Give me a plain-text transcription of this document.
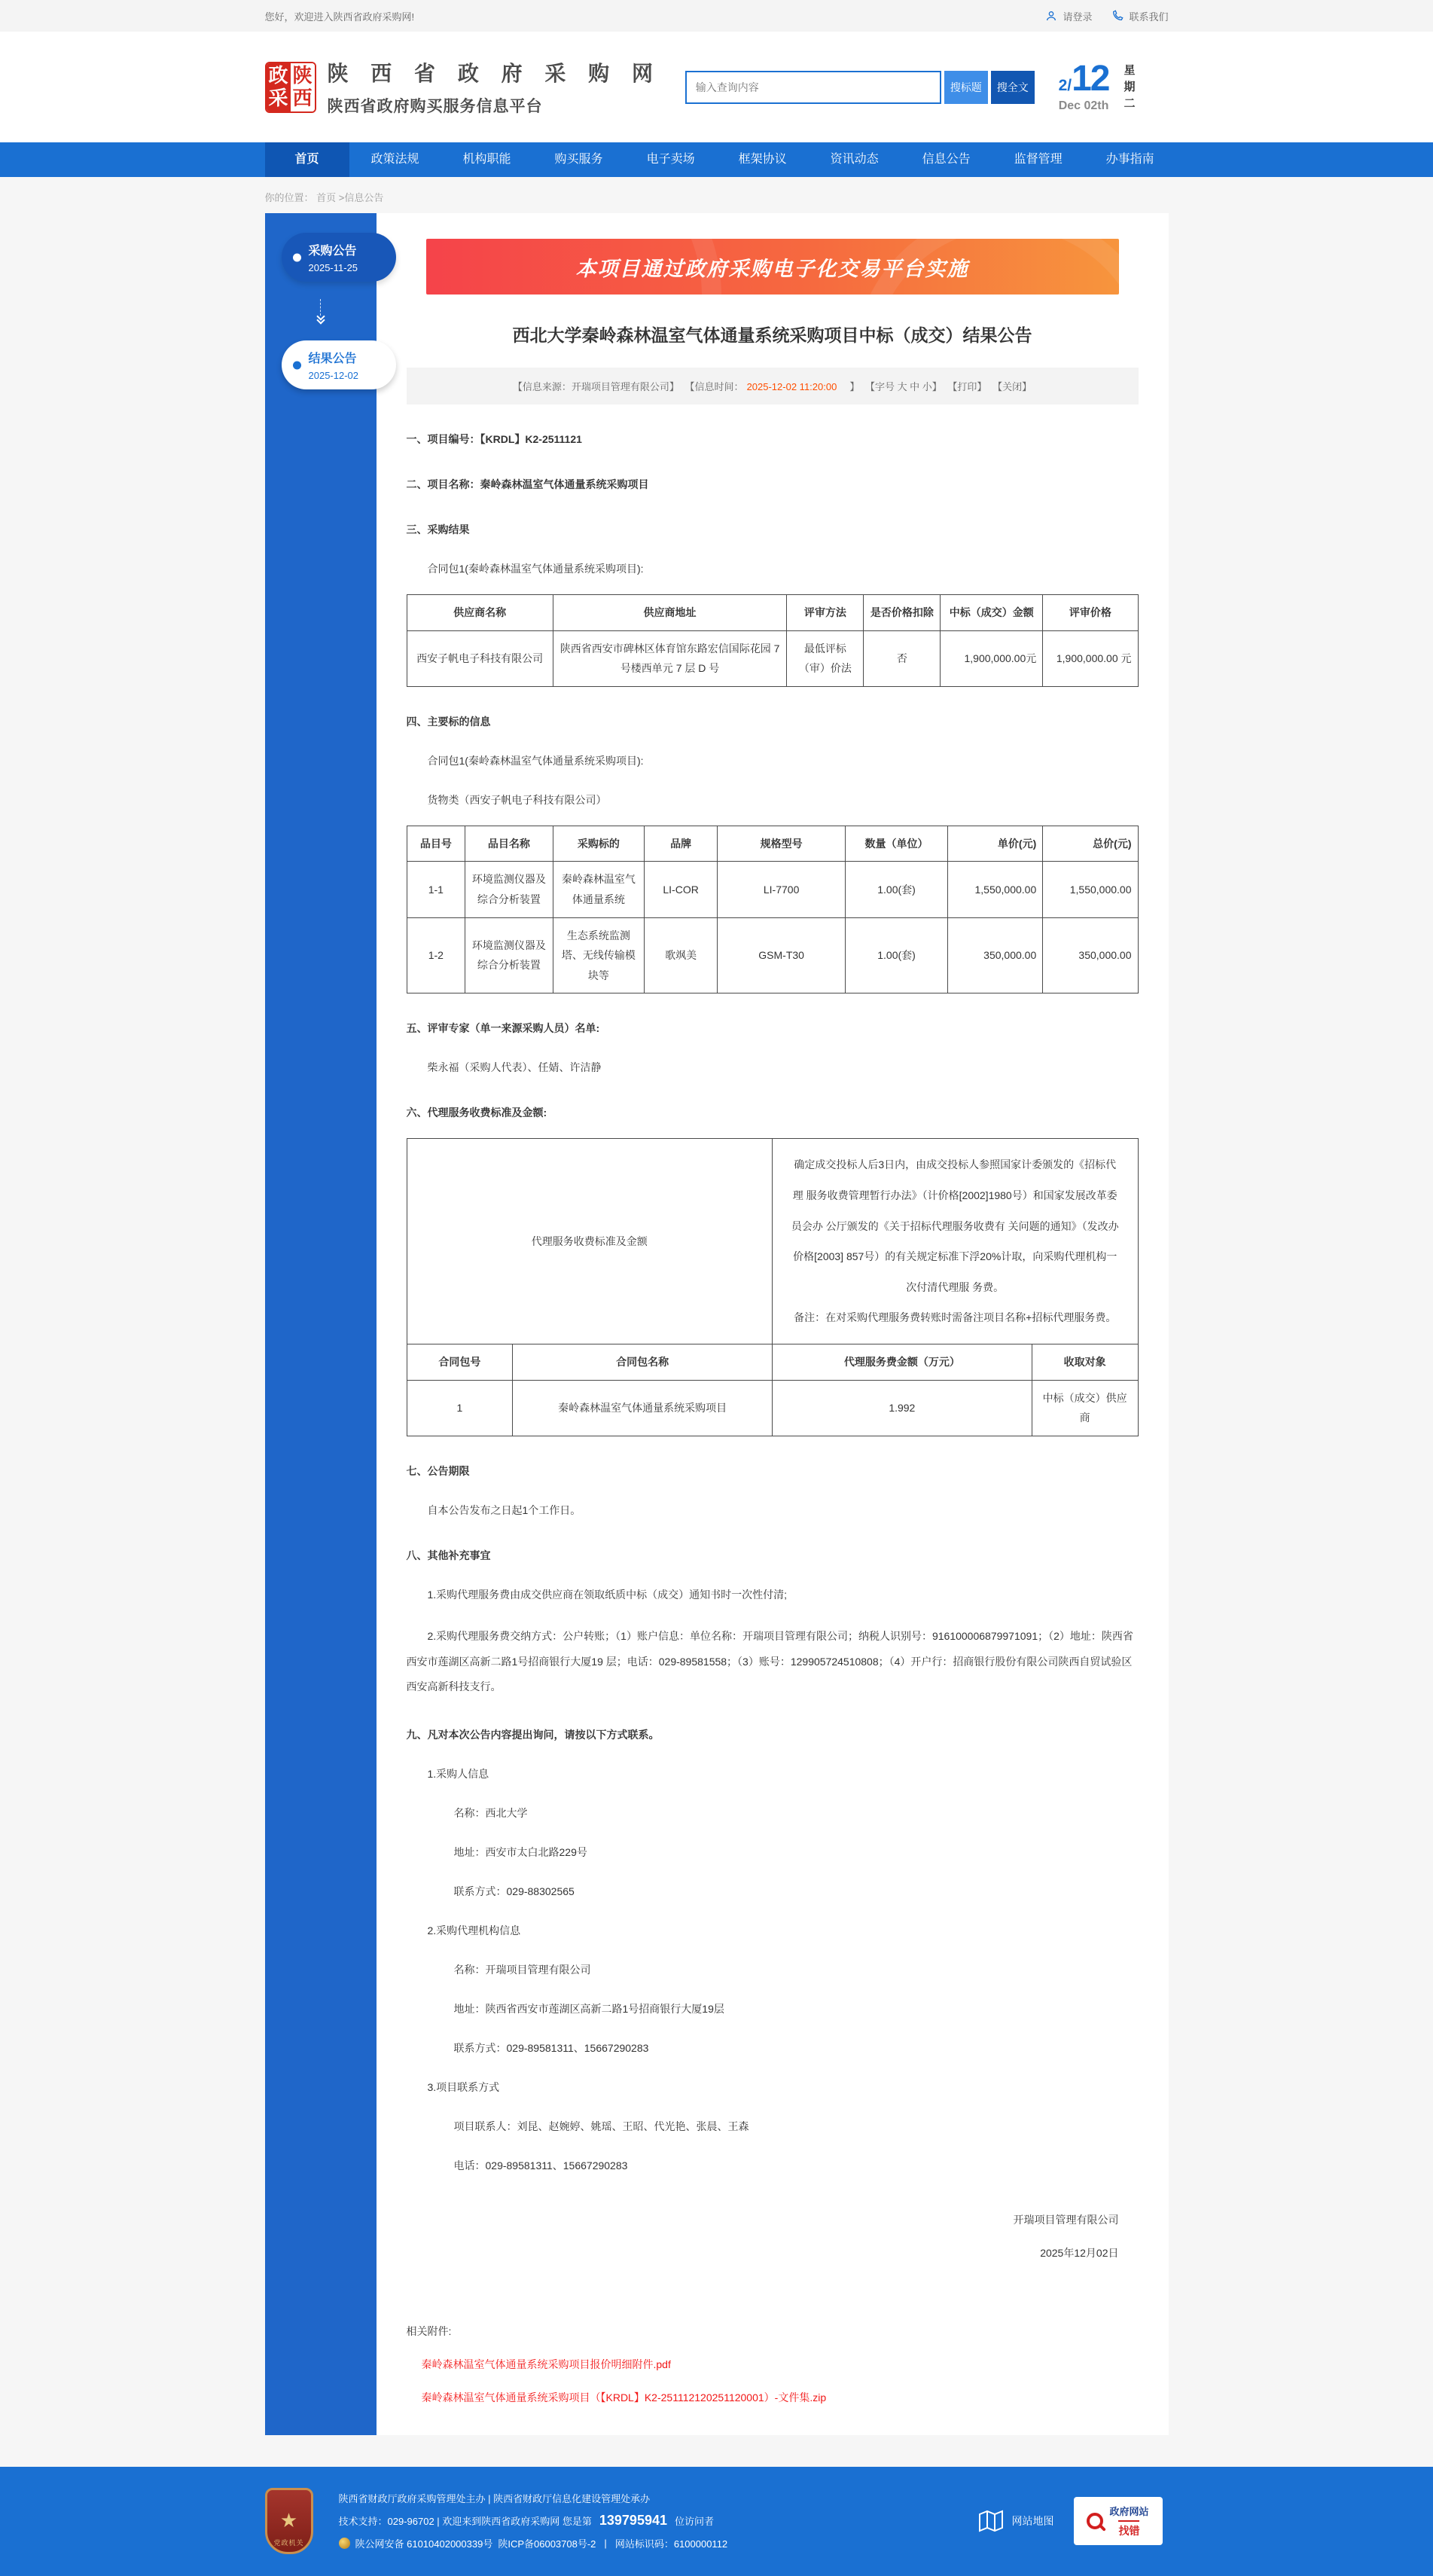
您好，欢迎进入陕西省政府采购网!	请登录	联系我们
政采
陕西
陕 西 省 政 府 采 购 网
陕西省政府购买服务信息平台
输入查询内容
搜标题	搜全文	2/12
Dec 02th 星期二
首页	政策法规	机构职能	购买服务	电子卖场	框架协议	资讯动态	信息公告	监督管理	办事指南
你的位置： 首页 >信息公告
采购公告
2025-11-25
结果公告
2025-12-02
本项目通过政府采购电子化交易平台实施
西北大学秦岭森林温室气体通量系统采购项目中标（成交）结果公告
【信息来源：开瑞项目管理有限公司】 【信息时间： 2025-12-02 11:20:00　】 【字号 大 中 小】 【打印】 【关闭】
一、项目编号：【KRDL】K2-2511121
二、项目名称：秦岭森林温室气体通量系统采购项目
三、采购结果

合同包1(秦岭森林温室气体通量系统采购项目):

供应商名称	供应商地址	评审方法	是否价格扣除	中标（成交）金额	评审价格
西安子帆电子科技有限公司	陕西省西安市碑林区体育馆东路宏信国际花园 7 号楼西单元 7 层 D 号	最低评标（审）价法	否	1,900,000.00元	1,900,000.00 元
四、主要标的信息

合同包1(秦岭森林温室气体通量系统采购项目):

货物类（西安子帆电子科技有限公司）

品目号	品目名称	采购标的	品牌	规格型号	数量（单位）	单价(元)	总价(元)
1-1	环境监测仪器及综合分析装置	秦岭森林温室气体通量系统	LI-COR	LI-7700	1.00(套)	1,550,000.00	1,550,000.00
1-2	环境监测仪器及综合分析装置	生态系统监测塔、无线传输模块等	歌飒美	GSM-T30	1.00(套)	350,000.00	350,000.00
五、评审专家（单一来源采购人员）名单:

柴永福（采购人代表）、任婧、许洁静

六、代理服务收费标准及金额:
代理服务收费标准及金额		确定成交投标人后3日内，由成交投标人参照国家计委颁发的《招标代理 服务收费管理暂行办法》（计价格[2002]1980号）和国家发展改革委员会办 公厅颁发的《关于招标代理服务收费有 关问题的通知》（发改办价格[2003] 857号）的有关规定标准下浮20%计取，向采购代理机构一次付清代理服 务费。

备注：在对采购代理服务费转账时需备注项目名称+招标代理服务费。	

合同包号	合同包名称	代理服务费金额（万元）	收取对象
1	秦岭森林温室气体通量系统采购项目	1.992	中标（成交）供应商
七、公告期限

自本公告发布之日起1个工作日。

八、其他补充事宜

1.采购代理服务费由成交供应商在领取纸质中标（成交）通知书时一次性付清;

2.采购代理服务费交纳方式：公户转账；（1）账户信息：单位名称：开瑞项目管理有限公司；纳税人识别号：916100006879971091；（2）地址：陕西省西安市莲湖区高新二路1号招商银行大厦19 层；电话：029-89581558；（3）账号：129905724510808；（4）开户行：招商银行股份有限公司陕西自贸试验区西安高新科技支行。

九、凡对本次公告内容提出询问，请按以下方式联系。

1.采购人信息

名称：西北大学

地址：西安市太白北路229号

联系方式：029-88302565

2.采购代理机构信息

名称：开瑞项目管理有限公司

地址：陕西省西安市莲湖区高新二路1号招商银行大厦19层

联系方式：029-89581311、15667290283

3.项目联系方式

项目联系人：刘昆、赵婉婷、姚瑶、王昭、代光艳、张晨、王森

电话：029-89581311、15667290283

开瑞项目管理有限公司
2025年12月02日
相关附件:
秦岭森林温室气体通量系统采购项目报价明细附件.pdf
秦岭森林温室气体通量系统采购项目（【KRDL】K2-251112120251120001）-文件集.zip
★
党政机关
陕西省财政厅政府采购管理处主办 | 陕西省财政厅信息化建设管理处承办
技术支持：029-96702 | 欢迎来到陕西省政府采购网 您是第 139795941 位访问者
陕公网安备 61010402000339号 陕ICP备06003708号-2 | 网站标识码：6100000112
网站地图
政府网站
找错
